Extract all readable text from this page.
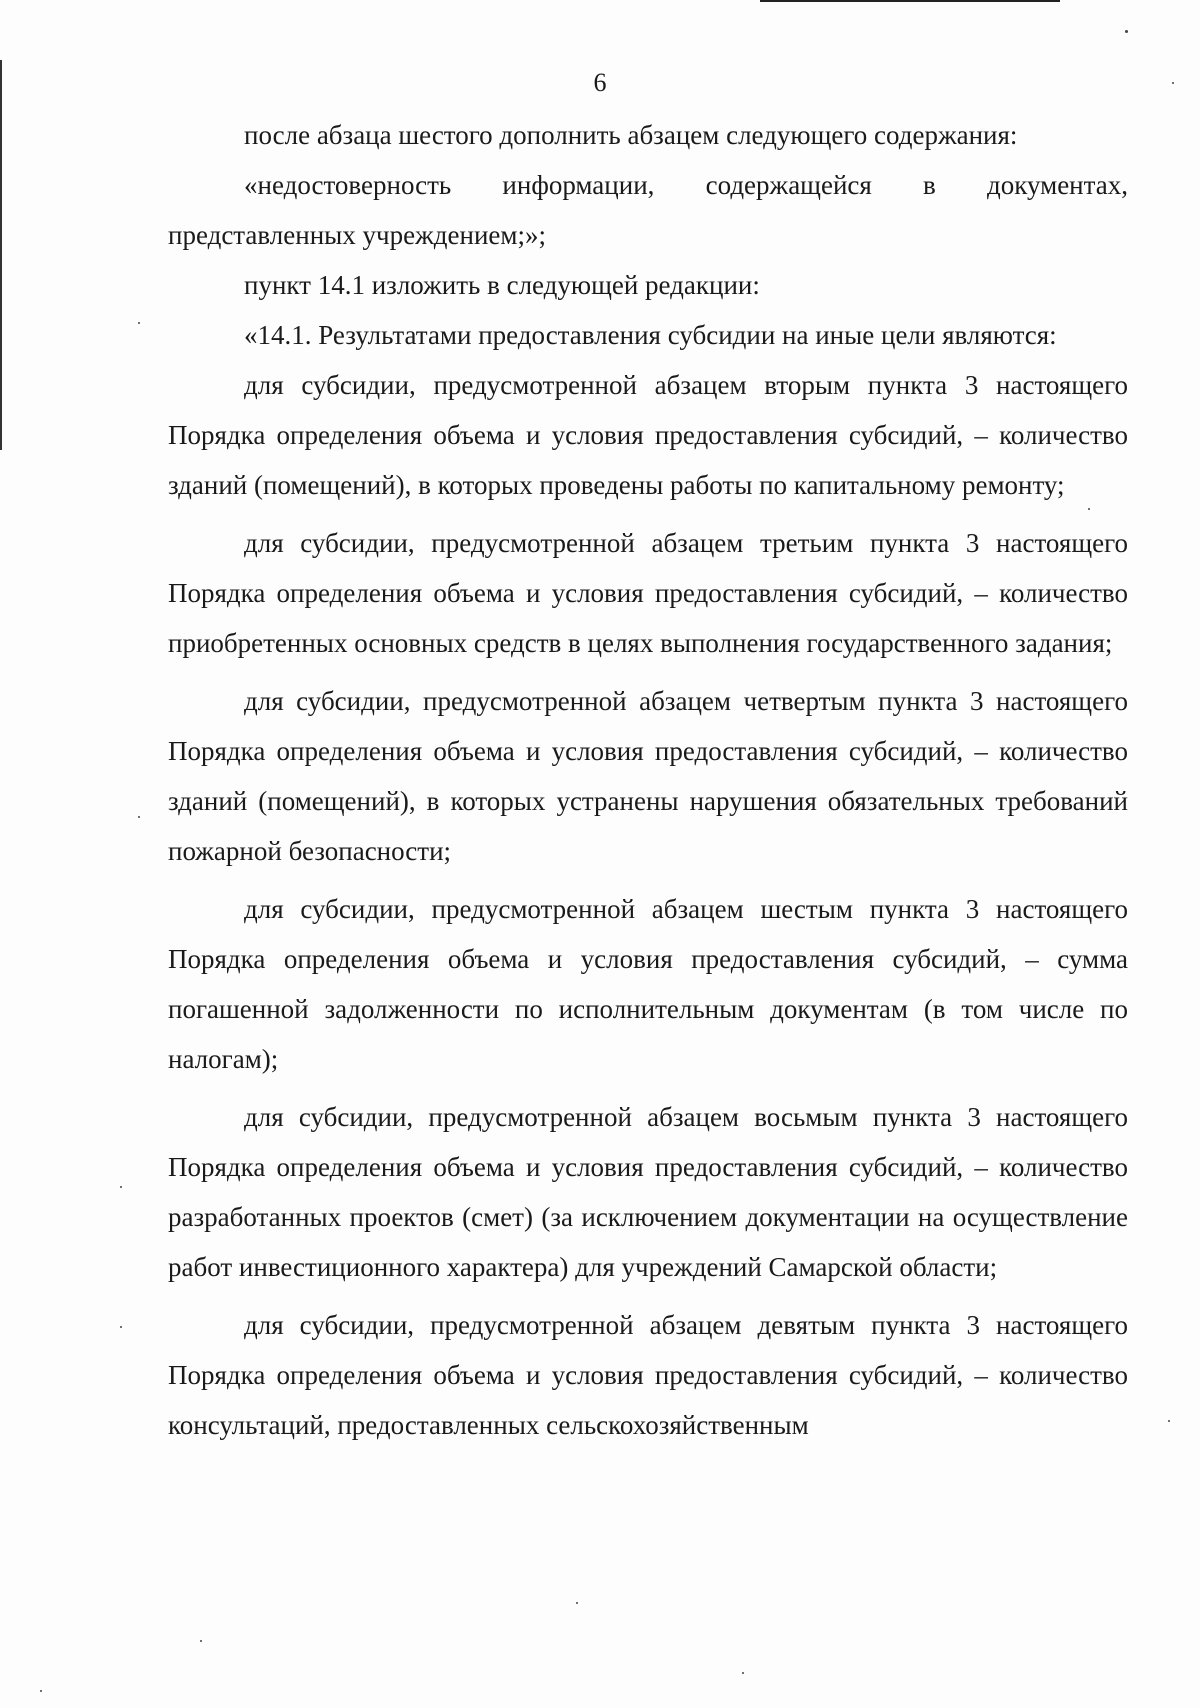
6

после абзаца шестого дополнить абзацем следующего содержания:

«недостоверность информации, содержащейся в документах, представленных учреждением;»;

пункт 14.1 изложить в следующей редакции:

«14.1. Результатами предоставления субсидии на иные цели являются:

для субсидии, предусмотренной абзацем вторым пункта 3 настоящего Порядка определения объема и условия предоставления субсидий, – количество зданий (помещений), в которых проведены работы по капитальному ремонту;

для субсидии, предусмотренной абзацем третьим пункта 3 настоящего Порядка определения объема и условия предоставления субсидий, – количество приобретенных основных средств в целях выполнения государственного задания;

для субсидии, предусмотренной абзацем четвертым пункта 3 настоящего Порядка определения объема и условия предоставления субсидий, – количество зданий (помещений), в которых устранены нарушения обязательных требований пожарной безопасности;

для субсидии, предусмотренной абзацем шестым пункта 3 настоящего Порядка определения объема и условия предоставления субсидий, – сумма погашенной задолженности по исполнительным документам (в том числе по налогам);

для субсидии, предусмотренной абзацем восьмым пункта 3 настоящего Порядка определения объема и условия предоставления субсидий, – количество разработанных проектов (смет) (за исключением документации на осуществление работ инвестиционного характера) для учреждений Самарской области;

для субсидии, предусмотренной абзацем девятым пункта 3 настоящего Порядка определения объема и условия предоставления субсидий, – количество консультаций, предоставленных сельскохозяйственным
